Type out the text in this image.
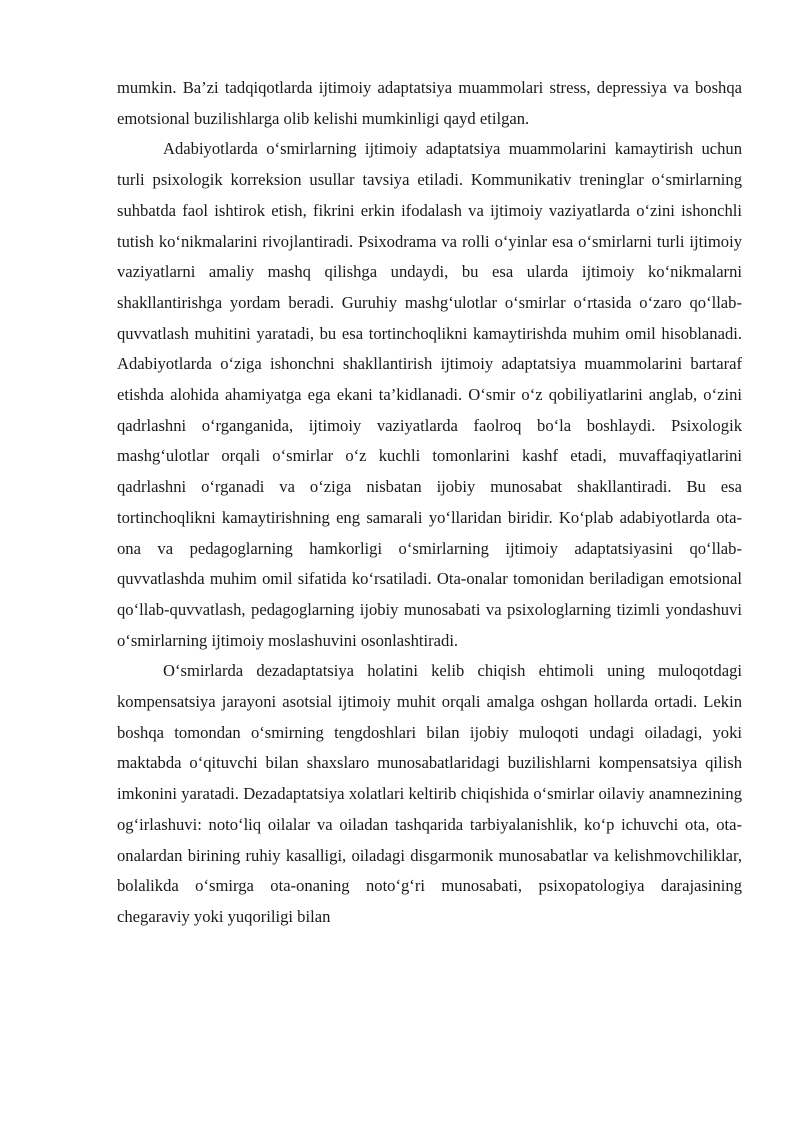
mumkin. Ba’zi tadqiqotlarda ijtimoiy adaptatsiya muammolari stress, depressiya va boshqa emotsional buzilishlarga olib kelishi mumkinligi qayd etilgan.

Adabiyotlarda o‘smirlarning ijtimoiy adaptatsiya muammolarini kamaytirish uchun turli psixologik korreksion usullar tavsiya etiladi. Kommunikativ treninglar o‘smirlarning suhbatda faol ishtirok etish, fikrini erkin ifodalash va ijtimoiy vaziyatlarda o‘zini ishonchli tutish ko‘nikmalarini rivojlantiradi. Psixodrama va rolli o‘yinlar esa o‘smirlarni turli ijtimoiy vaziyatlarni amaliy mashq qilishga undaydi, bu esa ularda ijtimoiy ko‘nikmalarni shakllantirishga yordam beradi. Guruhiy mashg‘ulotlar o‘smirlar o‘rtasida o‘zaro qo‘llab-quvvatlash muhitini yaratadi, bu esa tortinchoqlikni kamaytirishda muhim omil hisoblanadi. Adabiyotlarda o‘ziga ishonchni shakllantirish ijtimoiy adaptatsiya muammolarini bartaraf etishda alohida ahamiyatga ega ekani ta’kidlanadi. O‘smir o‘z qobiliyatlarini anglab, o‘zini qadrlashni o‘rganganida, ijtimoiy vaziyatlarda faolroq bo‘la boshlaydi. Psixologik mashg‘ulotlar orqali o‘smirlar o‘z kuchli tomonlarini kashf etadi, muvaffaqiyatlarini qadrlashni o‘rganadi va o‘ziga nisbatan ijobiy munosabat shakllantiradi. Bu esa tortinchoqlikni kamaytirishning eng samarali yo‘llaridan biridir. Ko‘plab adabiyotlarda ota-ona va pedagoglarning hamkorligi o‘smirlarning ijtimoiy adaptatsiyasini qo‘llab-quvvatlashda muhim omil sifatida ko‘rsatiladi. Ota-onalar tomonidan beriladigan emotsional qo‘llab-quvvatlash, pedagoglarning ijobiy munosabati va psixologlarning tizimli yondashuvi o‘smirlarning ijtimoiy moslashuvini osonlashtiradi.

O‘smirlarda dezadaptatsiya holatini kelib chiqish ehtimoli uning muloqotdagi kompensatsiya jarayoni asotsial ijtimoiy muhit orqali amalga oshgan hollarda ortadi. Lekin boshqa tomondan o‘smirning tengdoshlari bilan ijobiy muloqoti undagi oiladagi, yoki maktabda o‘qituvchi bilan shaxslaro munosabatlaridagi buzilishlarni kompensatsiya qilish imkonini yaratadi. Dezadaptatsiya xolatlari keltirib chiqishida o‘smirlar oilaviy anamnezining og‘irlashuvi: noto‘liq oilalar va oiladan tashqarida tarbiyalanishlik, ko‘p ichuvchi ota, ota-onalardan birining ruhiy kasalligi, oiladagi disgarmonik munosabatlar va kelishmovchiliklar, bolalikda o‘smirga ota-onaning noto‘g‘ri munosabati, psixopatologiya darajasining chegaraviy yoki yuqoriligi bilan
